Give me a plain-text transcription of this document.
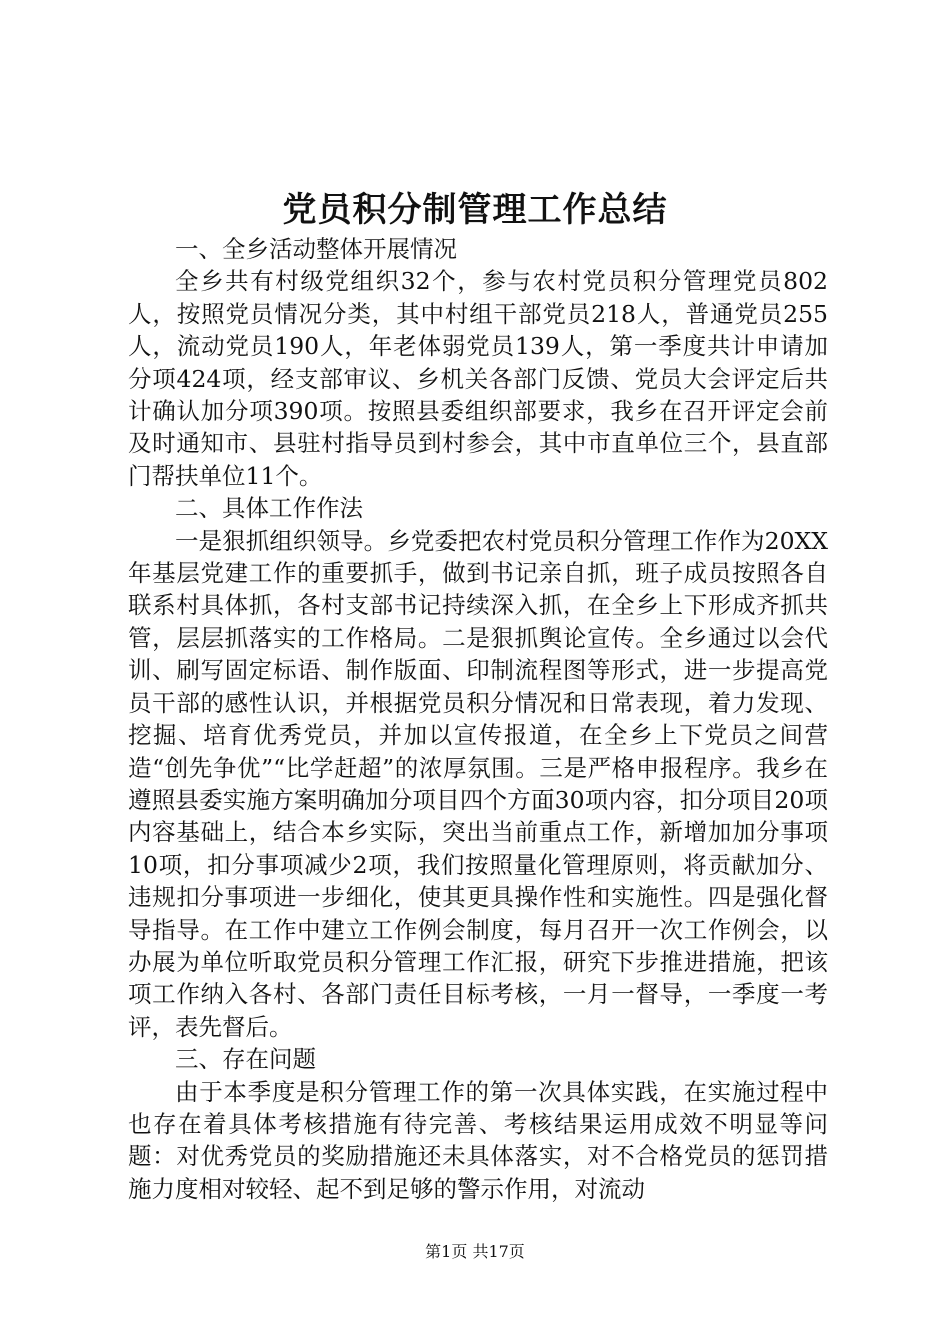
党员积分制管理工作总结

一、全乡活动整体开展情况

全乡共有村级党组织32个，参与农村党员积分管理党员802人，按照党员情况分类，其中村组干部党员218人，普通党员255人，流动党员190人，年老体弱党员139人，第一季度共计申请加分项424项，经支部审议、乡机关各部门反馈、党员大会评定后共计确认加分项390项。按照县委组织部要求，我乡在召开评定会前及时通知市、县驻村指导员到村参会，其中市直单位三个，县直部门帮扶单位11个。

二、具体工作作法

一是狠抓组织领导。乡党委把农村党员积分管理工作作为20XX年基层党建工作的重要抓手，做到书记亲自抓，班子成员按照各自联系村具体抓，各村支部书记持续深入抓，在全乡上下形成齐抓共管，层层抓落实的工作格局。二是狠抓舆论宣传。全乡通过以会代训、刷写固定标语、制作版面、印制流程图等形式，进一步提高党员干部的感性认识，并根据党员积分情况和日常表现，着力发现、挖掘、培育优秀党员，并加以宣传报道，在全乡上下党员之间营造“创先争优”“比学赶超”的浓厚氛围。三是严格申报程序。我乡在遵照县委实施方案明确加分项目四个方面30项内容，扣分项目20项内容基础上，结合本乡实际，突出当前重点工作，新增加加分事项10项，扣分事项减少2项，我们按照量化管理原则，将贡献加分、违规扣分事项进一步细化，使其更具操作性和实施性。四是强化督导指导。在工作中建立工作例会制度，每月召开一次工作例会，以办展为单位听取党员积分管理工作汇报，研究下步推进措施，把该项工作纳入各村、各部门责任目标考核，一月一督导，一季度一考评，表先督后。

三、存在问题

由于本季度是积分管理工作的第一次具体实践，在实施过程中也存在着具体考核措施有待完善、考核结果运用成效不明显等问题：对优秀党员的奖励措施还未具体落实，对不合格党员的惩罚措施力度相对较轻、起不到足够的警示作用，对流动

第1页 共17页
